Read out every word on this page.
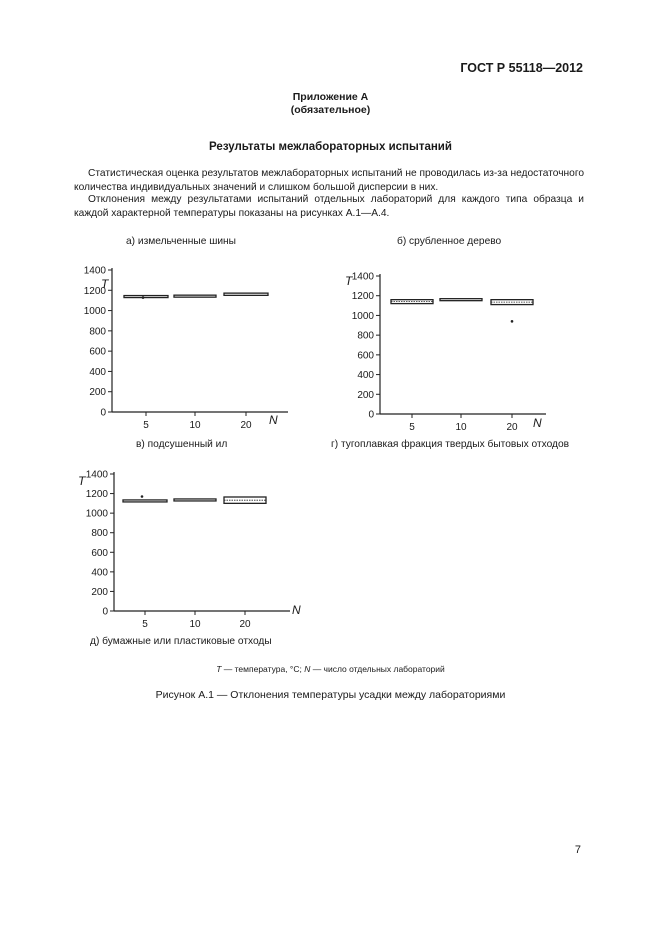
ГОСТ Р 55118—2012
Приложение А
(обязательное)
Результаты межлабораторных испытаний
Статистическая оценка результатов межлабораторных испытаний не проводилась из-за недостаточного количества индивидуальных значений и слишком большой дисперсии в них.
Отклонения между результатами испытаний отдельных лабораторий для каждого типа образца и каждой характерной температуры показаны на рисунках А.1—А.4.
а) измельченные шины
0
200
400
600
800
1000
1200
1400
5	10	20
T
N
б) срубленное дерево
0
200
400
600
800
1000
1200
1400
5	10	20
T
N
в) подсушенный ил
0
200
400
600
800
1000
1200
1400
5	10	20
T
N
г) тугоплавкая фракция твердых бытовых отходов
д) бумажные или пластиковые отходы
T — температура, °С; N — число отдельных лабораторий
Рисунок А.1 — Отклонения температуры усадки между лабораториями
7
